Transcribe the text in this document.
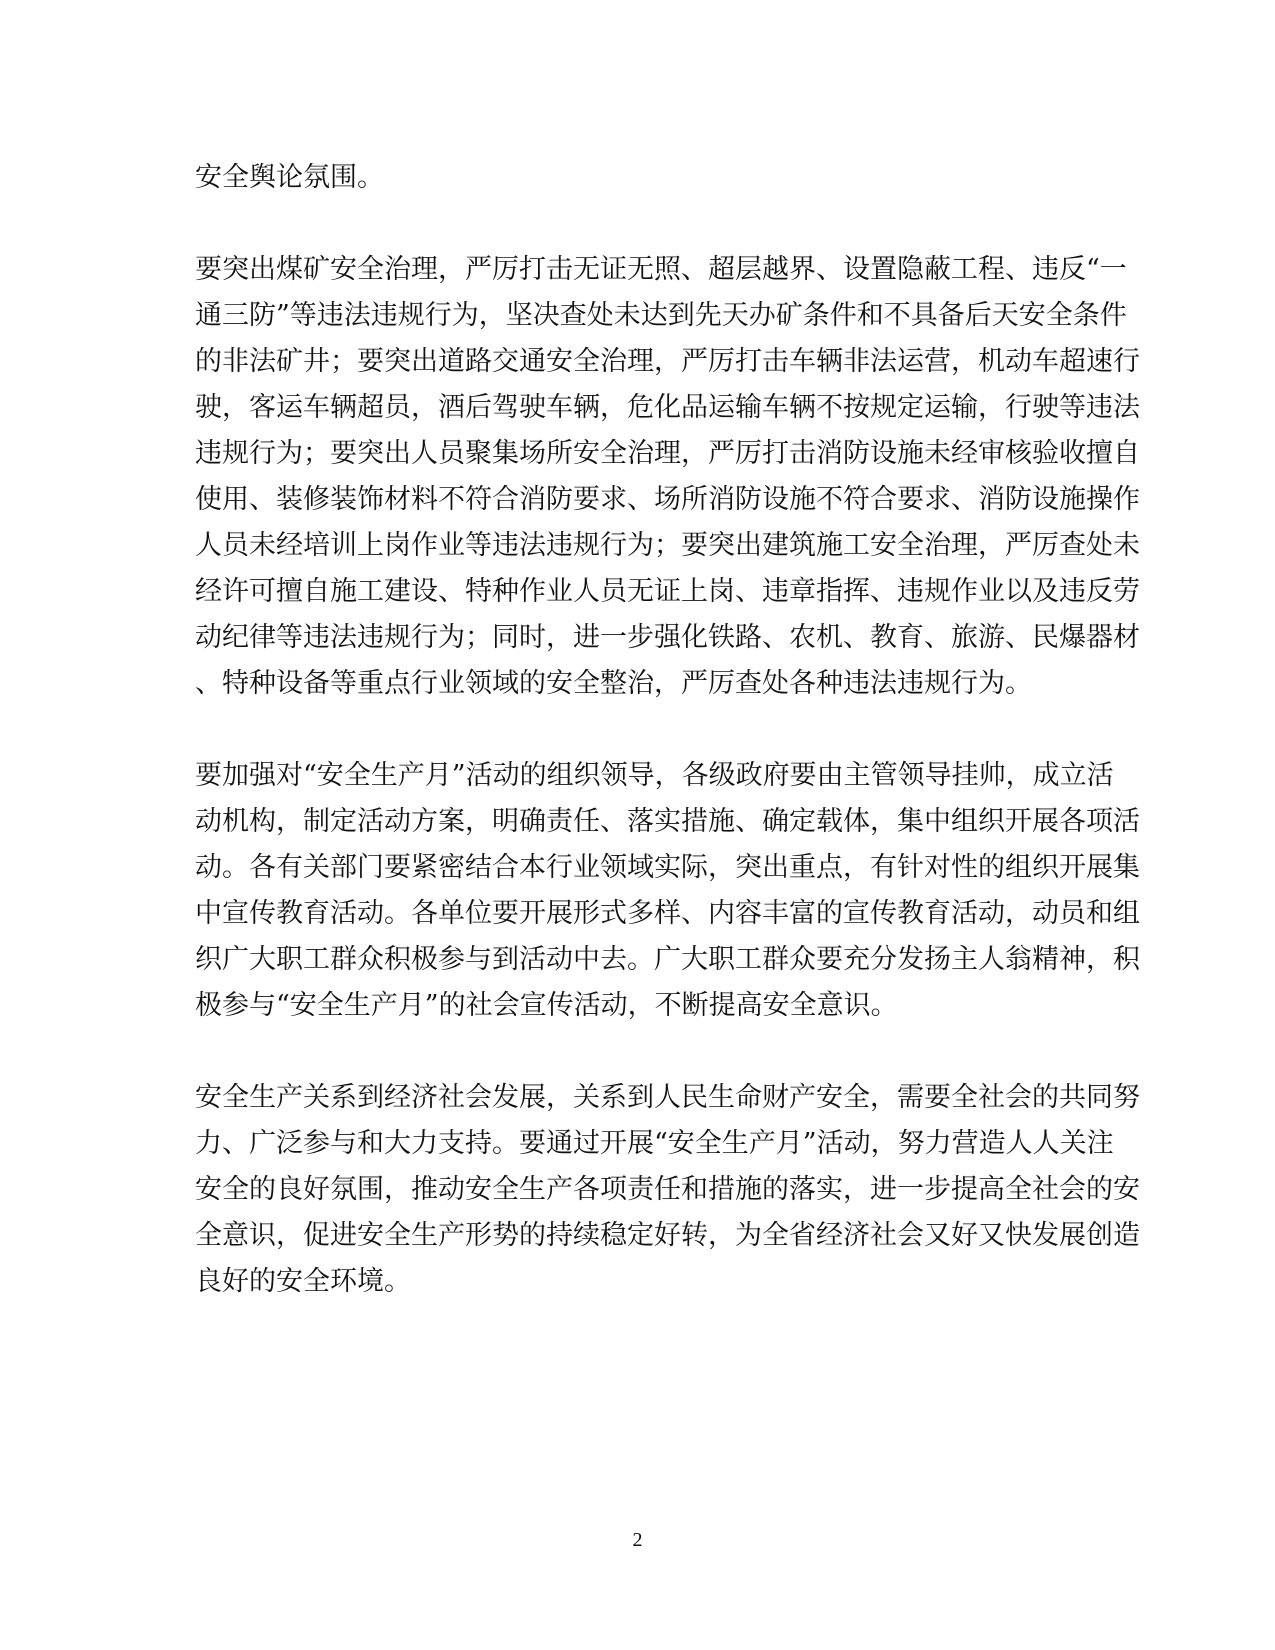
安全舆论氛围。
要突出煤矿安全治理，严厉打击无证无照、超层越界、设置隐蔽工程、违反“一
通三防”等违法违规行为，坚决查处未达到先天办矿条件和不具备后天安全条件
的非法矿井；要突出道路交通安全治理，严厉打击车辆非法运营，机动车超速行
驶，客运车辆超员，酒后驾驶车辆，危化品运输车辆不按规定运输，行驶等违法
违规行为；要突出人员聚集场所安全治理，严厉打击消防设施未经审核验收擅自
使用、装修装饰材料不符合消防要求、场所消防设施不符合要求、消防设施操作
人员未经培训上岗作业等违法违规行为；要突出建筑施工安全治理，严厉查处未
经许可擅自施工建设、特种作业人员无证上岗、违章指挥、违规作业以及违反劳
动纪律等违法违规行为；同时，进一步强化铁路、农机、教育、旅游、民爆器材
、特种设备等重点行业领域的安全整治，严厉查处各种违法违规行为。
要加强对“安全生产月”活动的组织领导，各级政府要由主管领导挂帅，成立活
动机构，制定活动方案，明确责任、落实措施、确定载体，集中组织开展各项活
动。各有关部门要紧密结合本行业领域实际，突出重点，有针对性的组织开展集
中宣传教育活动。各单位要开展形式多样、内容丰富的宣传教育活动，动员和组
织广大职工群众积极参与到活动中去。广大职工群众要充分发扬主人翁精神，积
极参与“安全生产月”的社会宣传活动，不断提高安全意识。
安全生产关系到经济社会发展，关系到人民生命财产安全，需要全社会的共同努
力、广泛参与和大力支持。要通过开展“安全生产月”活动，努力营造人人关注
安全的良好氛围，推动安全生产各项责任和措施的落实，进一步提高全社会的安
全意识，促进安全生产形势的持续稳定好转，为全省经济社会又好又快发展创造
良好的安全环境。
2
